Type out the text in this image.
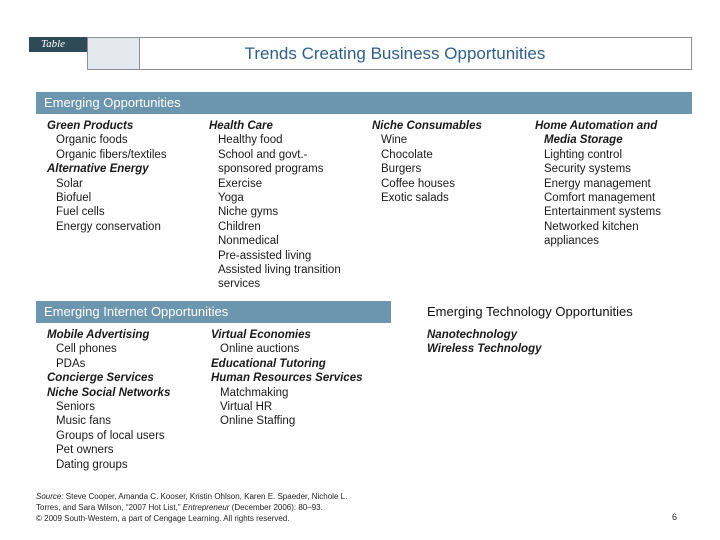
Table	Trends Creating Business Opportunities
Emerging Opportunities
Green Products
Organic foods
Organic fibers/textiles
Alternative Energy
Solar
Biofuel
Fuel cells
Energy conservation
Health Care
Healthy food
School and govt.-
sponsored programs
Exercise
Yoga
Niche gyms
Children
Nonmedical
Pre-assisted living
Assisted living transition
services
Niche Consumables
Wine
Chocolate
Burgers
Coffee houses
Exotic salads
Home Automation and
Media Storage
Lighting control
Security systems
Energy management
Comfort management
Entertainment systems
Networked kitchen
appliances
Emerging Internet Opportunities
Mobile Advertising
Cell phones
PDAs
Concierge Services
Niche Social Networks
Seniors
Music fans
Groups of local users
Pet owners
Dating groups
Virtual Economies
Online auctions
Educational Tutoring
Human Resources Services
Matchmaking
Virtual HR
Online Staffing
Emerging Technology Opportunities
Nanotechnology
Wireless Technology
Source: Steve Cooper, Amanda C. Kooser, Kristin Ohlson, Karen E. Spaeder, Nichole L.
Torres, and Sara Wilson, “2007 Hot List,” Entrepreneur (December 2006): 80–93.
© 2009 South-Western, a part of Cengage Learning. All rights reserved.	6
